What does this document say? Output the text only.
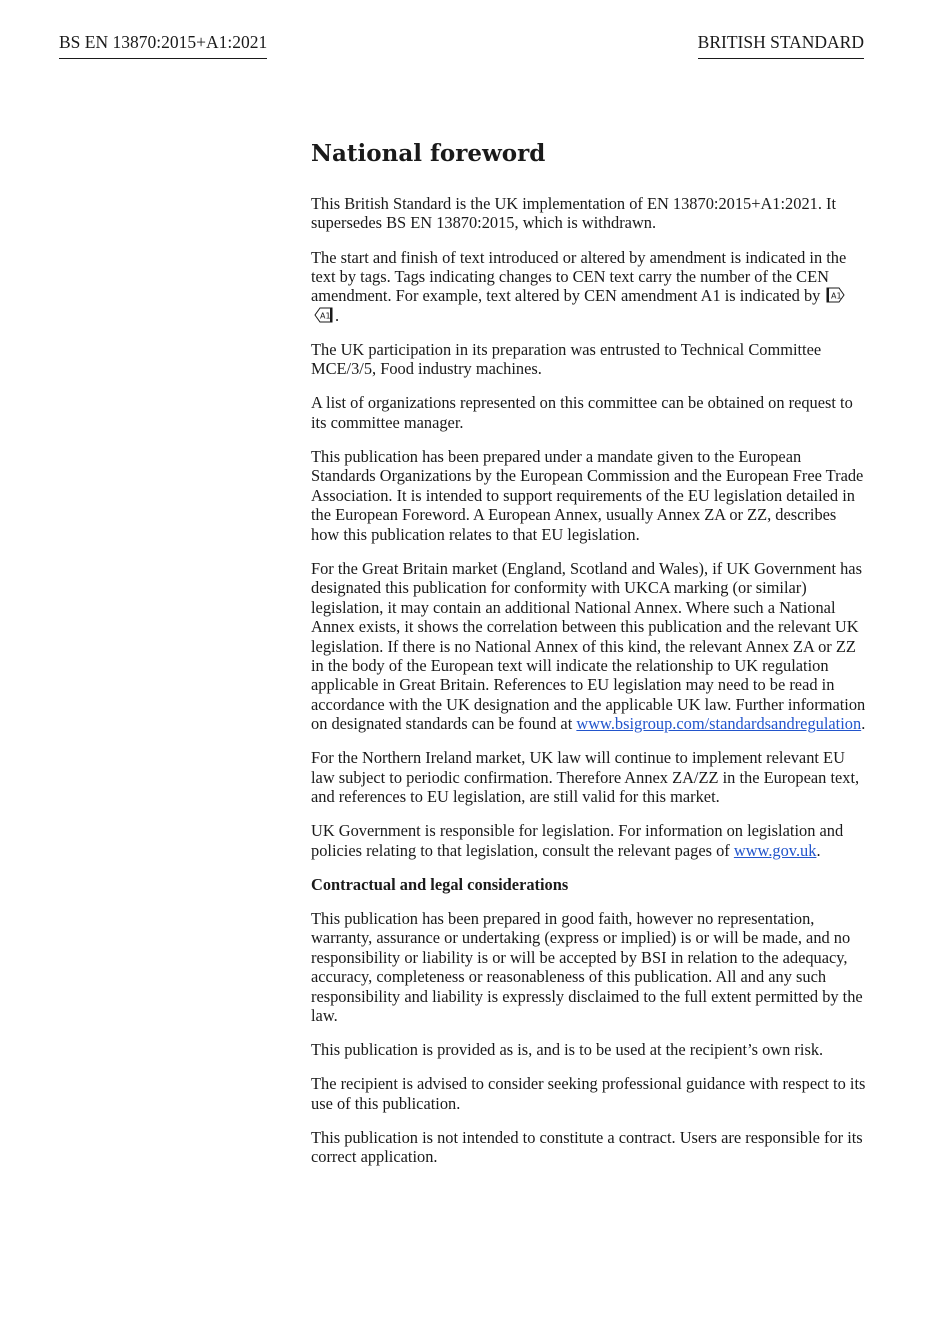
BS EN 13870:2015+A1:2021	BRITISH STANDARD
National foreword

This British Standard is the UK implementation of EN 13870:2015+A1:2021. It supersedes BS EN 13870:2015, which is withdrawn.

The start and finish of text introduced or altered by amendment is indicated in the text by tags. Tags indicating changes to CEN text carry the number of the CEN amendment. For example, text altered by CEN amendment A1 is indicated by A1

A1 .

The UK participation in its preparation was entrusted to Technical Committee MCE/3/5, Food industry machines.

A list of organizations represented on this committee can be obtained on request to its committee manager.

This publication has been prepared under a mandate given to the European Standards Organizations by the European Commission and the European Free Trade Association. It is intended to support requirements of the EU legislation detailed in the European Foreword. A European Annex, usually Annex ZA or ZZ, describes how this publication relates to that EU legislation.

For the Great Britain market (England, Scotland and Wales), if UK Government has designated this publication for conformity with UKCA marking (or similar) legislation, it may contain an additional National Annex. Where such a National Annex exists, it shows the correlation between this publication and the relevant UK legislation. If there is no National Annex of this kind, the relevant Annex ZA or ZZ in the body of the European text will indicate the relationship to UK regulation applicable in Great Britain. References to EU legislation may need to be read in accordance with the UK designation and the applicable UK law. Further information on designated standards can be found at www.bsigroup.com/standardsandregulation.

For the Northern Ireland market, UK law will continue to implement relevant EU law subject to periodic confirmation. Therefore Annex ZA/ZZ in the European text, and references to EU legislation, are still valid for this market.

UK Government is responsible for legislation. For information on legislation and policies relating to that legislation, consult the relevant pages of www.gov.uk.

Contractual and legal considerations

This publication has been prepared in good faith, however no representation, warranty, assurance or undertaking (express or implied) is or will be made, and no responsibility or liability is or will be accepted by BSI in relation to the adequacy, accuracy, completeness or reasonableness of this publication. All and any such responsibility and liability is expressly disclaimed to the full extent permitted by the law.

This publication is provided as is, and is to be used at the recipient’s own risk.

The recipient is advised to consider seeking professional guidance with respect to its use of this publication.

This publication is not intended to constitute a contract. Users are responsible for its correct application.
